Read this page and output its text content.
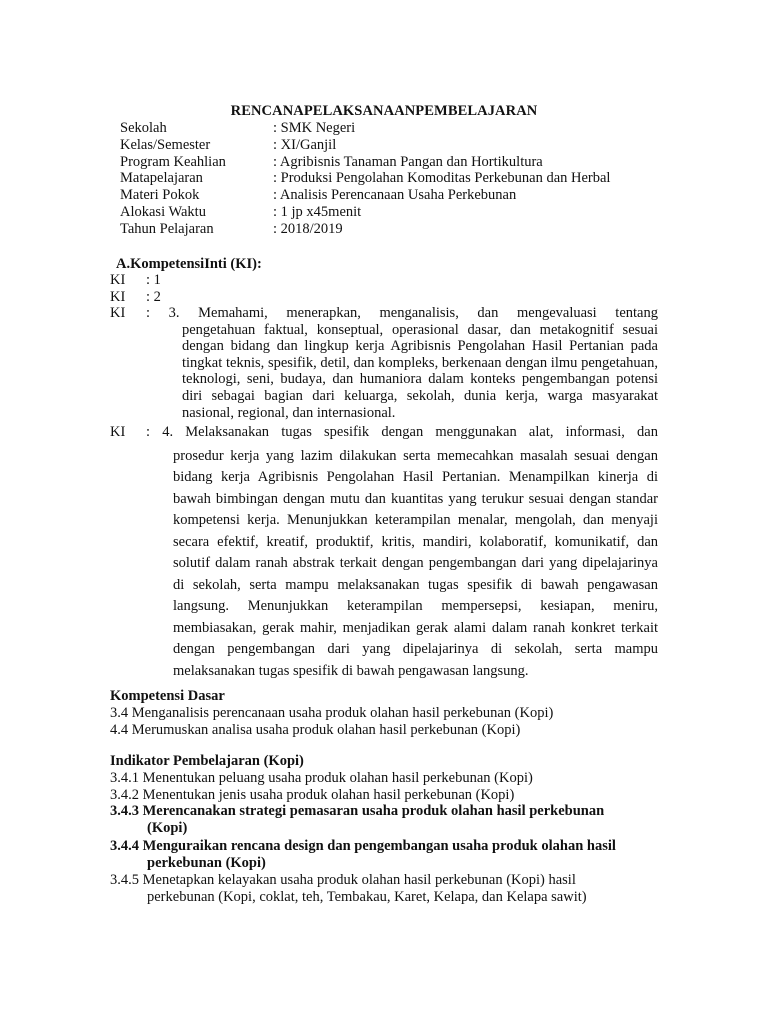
RENCANAPELAKSANAANPEMBELAJARAN
Sekolah	: SMK Negeri
Kelas/Semester	: XI/Ganjil
Program Keahlian	: Agribisnis Tanaman Pangan dan Hortikultura
Matapelajaran	: Produksi Pengolahan Komoditas Perkebunan dan Herbal
Materi Pokok	: Analisis Perencanaan Usaha Perkebunan
Alokasi Waktu	: 1 jp x45menit
Tahun Pelajaran	: 2018/2019
A.KompetensiInti (KI):
KI : 1
KI : 2
KI : 3. Memahami, menerapkan, menganalisis, dan mengevaluasi tentang
pengetahuan faktual, konseptual, operasional dasar, dan metakognitif sesuai dengan bidang dan lingkup kerja Agribisnis Pengolahan Hasil Pertanian pada tingkat teknis, spesifik, detil, dan kompleks, berkenaan dengan ilmu pengetahuan, teknologi, seni, budaya, dan humaniora dalam konteks pengembangan potensi diri sebagai bagian dari keluarga, sekolah, dunia kerja, warga masyarakat nasional, regional, dan internasional.
KI : 4. Melaksanakan tugas spesifik dengan menggunakan alat, informasi, dan
prosedur kerja yang lazim dilakukan serta memecahkan masalah sesuai dengan bidang kerja Agribisnis Pengolahan Hasil Pertanian. Menampilkan kinerja di bawah bimbingan dengan mutu dan kuantitas yang terukur sesuai dengan standar kompetensi kerja. Menunjukkan keterampilan menalar, mengolah, dan menyaji secara efektif, kreatif, produktif, kritis, mandiri, kolaboratif, komunikatif, dan solutif dalam ranah abstrak terkait dengan pengembangan dari yang dipelajarinya di sekolah, serta mampu melaksanakan tugas spesifik di bawah pengawasan langsung. Menunjukkan keterampilan mempersepsi, kesiapan, meniru, membiasakan, gerak mahir, menjadikan gerak alami dalam ranah konkret terkait dengan pengembangan dari yang dipelajarinya di sekolah, serta mampu melaksanakan tugas spesifik di bawah pengawasan langsung.
Kompetensi Dasar
3.4 Menganalisis perencanaan usaha produk olahan hasil perkebunan (Kopi)
4.4 Merumuskan analisa usaha produk olahan hasil perkebunan (Kopi)
Indikator Pembelajaran (Kopi)
3.4.1 Menentukan peluang usaha produk olahan hasil perkebunan (Kopi)
3.4.2 Menentukan jenis usaha produk olahan hasil perkebunan (Kopi)
3.4.3 Merencanakan strategi pemasaran usaha produk olahan hasil perkebunan
(Kopi)
3.4.4 Menguraikan rencana design dan pengembangan usaha produk olahan hasil
perkebunan (Kopi)
3.4.5 Menetapkan kelayakan usaha produk olahan hasil perkebunan (Kopi) hasil
perkebunan (Kopi, coklat, teh, Tembakau, Karet, Kelapa, dan Kelapa sawit)
